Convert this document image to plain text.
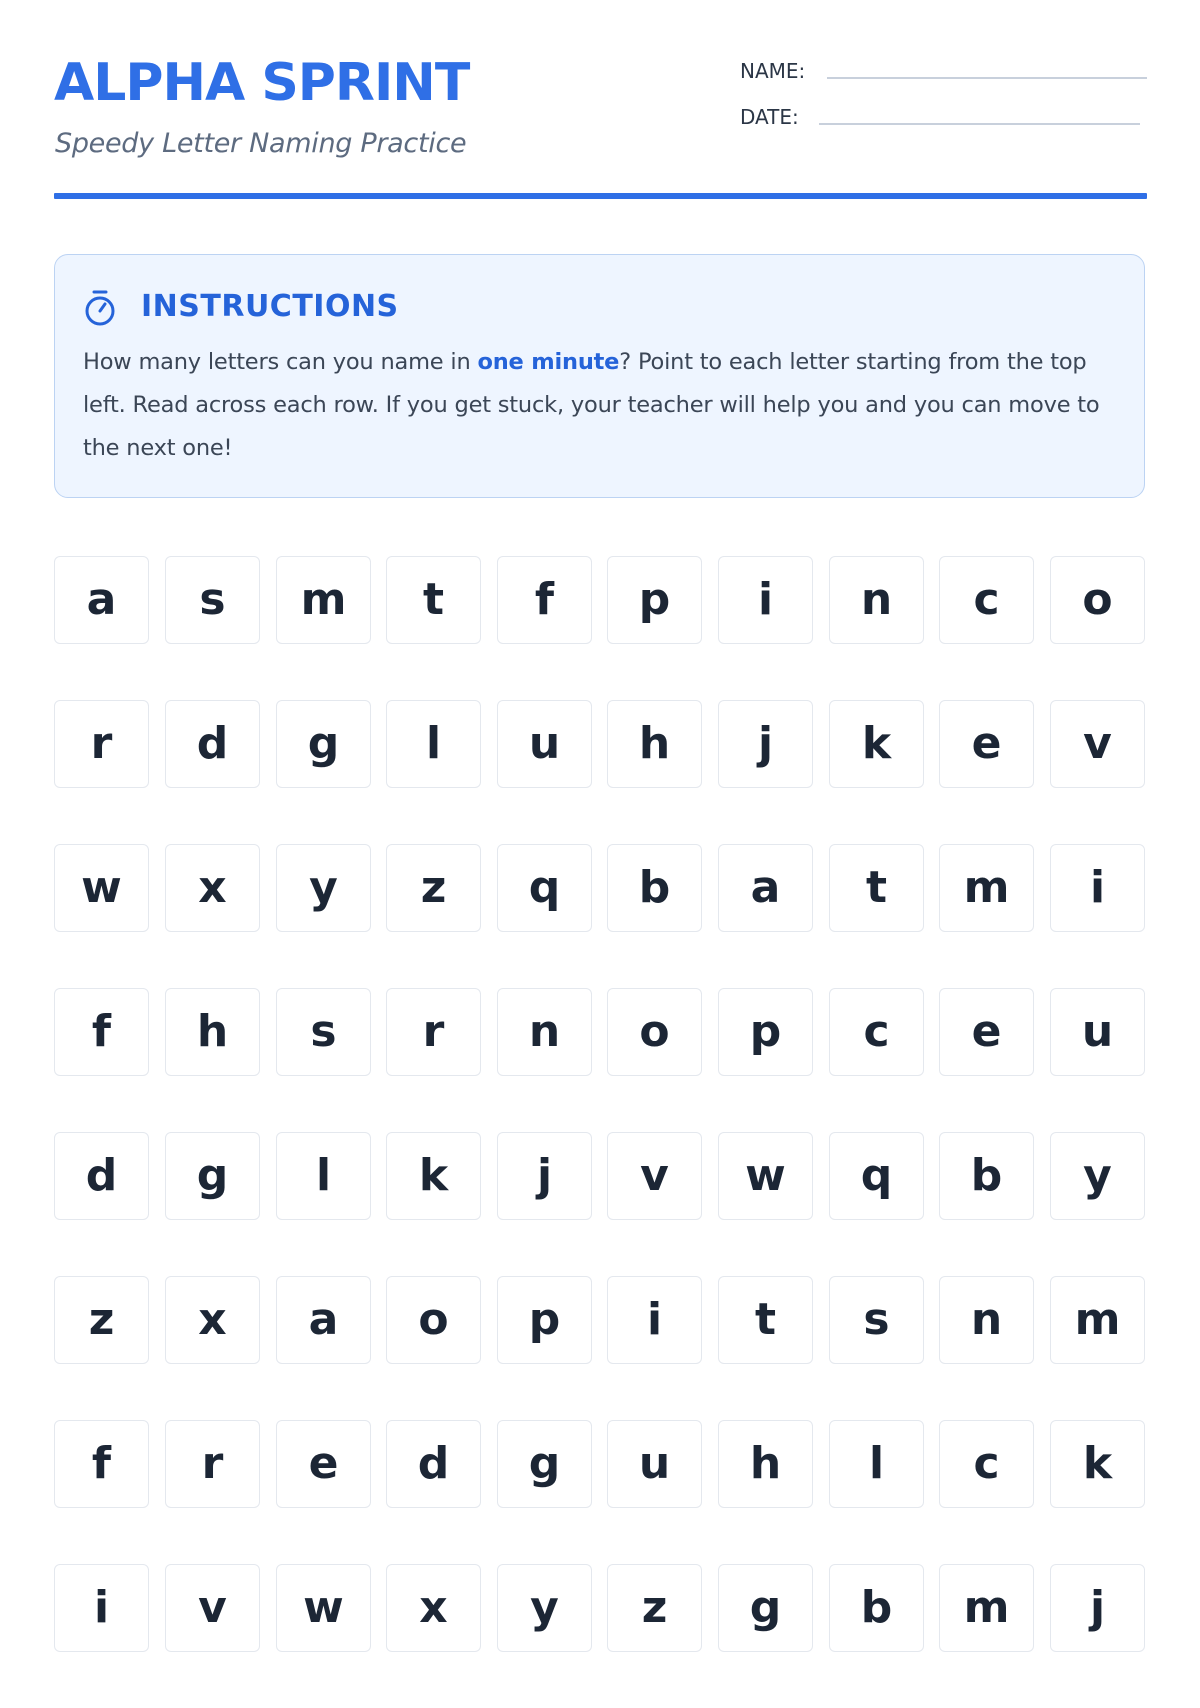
ALPHA SPRINT
Speedy Letter Naming Practice
NAME:
DATE:
INSTRUCTIONS
How many letters can you name in one minute? Point to each letter starting from the top left. Read across each row. If you get stuck, your teacher will help you and you can move to the next one!
a	s	m	t	f	p	i	n	c	o
r	d	g	l	u	h	j	k	e	v
w	x	y	z	q	b	a	t	m	i
f	h	s	r	n	o	p	c	e	u
d	g	l	k	j	v	w	q	b	y
z	x	a	o	p	i	t	s	n	m
f	r	e	d	g	u	h	l	c	k
i	v	w	x	y	z	g	b	m	j
